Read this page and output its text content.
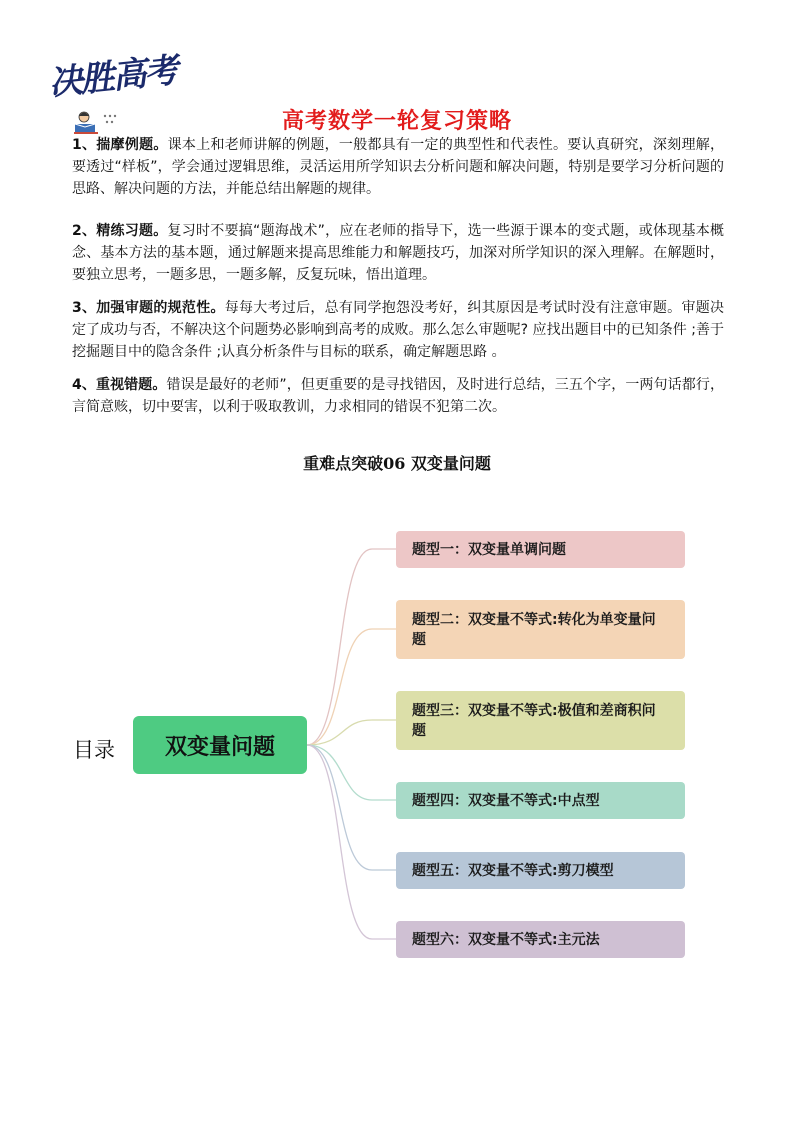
决胜高考
高考数学一轮复习策略

1、揣摩例题。课本上和老师讲解的例题，一般都具有一定的典型性和代表性。要认真研究，深刻理解，要透过“样板”，学会通过逻辑思维，灵活运用所学知识去分析问题和解决问题，特别是要学习分析问题的思路、解决问题的方法，并能总结出解题的规律。

2、精练习题。复习时不要搞“题海战术”，应在老师的指导下，选一些源于课本的变式题，或体现基本概念、基本方法的基本题，通过解题来提高思维能力和解题技巧，加深对所学知识的深入理解。在解题时，要独立思考，一题多思，一题多解，反复玩味，悟出道理。

3、加强审题的规范性。每每大考过后，总有同学抱怨没考好，纠其原因是考试时没有注意审题。审题决定了成功与否，不解决这个问题势必影响到高考的成败。那么怎么审题呢? 应找出题目中的已知条件 ;善于挖掘题目中的隐含条件 ;认真分析条件与目标的联系，确定解题思路 。

4、重视错题。错误是最好的老师”，但更重要的是寻找错因，及时进行总结，三五个字，一两句话都行，言简意赅，切中要害，以利于吸取教训，力求相同的错误不犯第二次。

重难点突破06 双变量问题
目录	双变量问题
题型一：双变量单调问题
题型二：双变量不等式:转化为单变量问题
题型三：双变量不等式:极值和差商积问题
题型四：双变量不等式:中点型
题型五：双变量不等式:剪刀模型
题型六：双变量不等式:主元法
